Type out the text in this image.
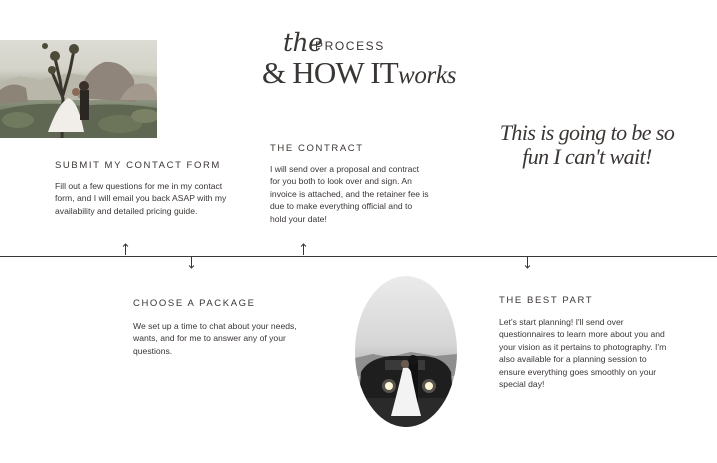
the
PROCESS
& HOW ITworks
This is going to be so fun I can't wait!
SUBMIT MY CONTACT FORM
Fill out a few questions for me in my contact form, and I will email you back ASAP with my availability and detailed pricing guide.
THE CONTRACT
I will send over a proposal and contract for you both to look over and sign. An invoice is attached, and the retainer fee is due to make everything official and to hold your date!
CHOOSE A PACKAGE
We set up a time to chat about your needs, wants, and for me to answer any of your questions.
THE BEST PART
Let's start planning! I'll send over questionnaires to learn more about you and your vision as it pertains to photography. I'm also available for a planning session to ensure everything goes smoothly on your special day!
